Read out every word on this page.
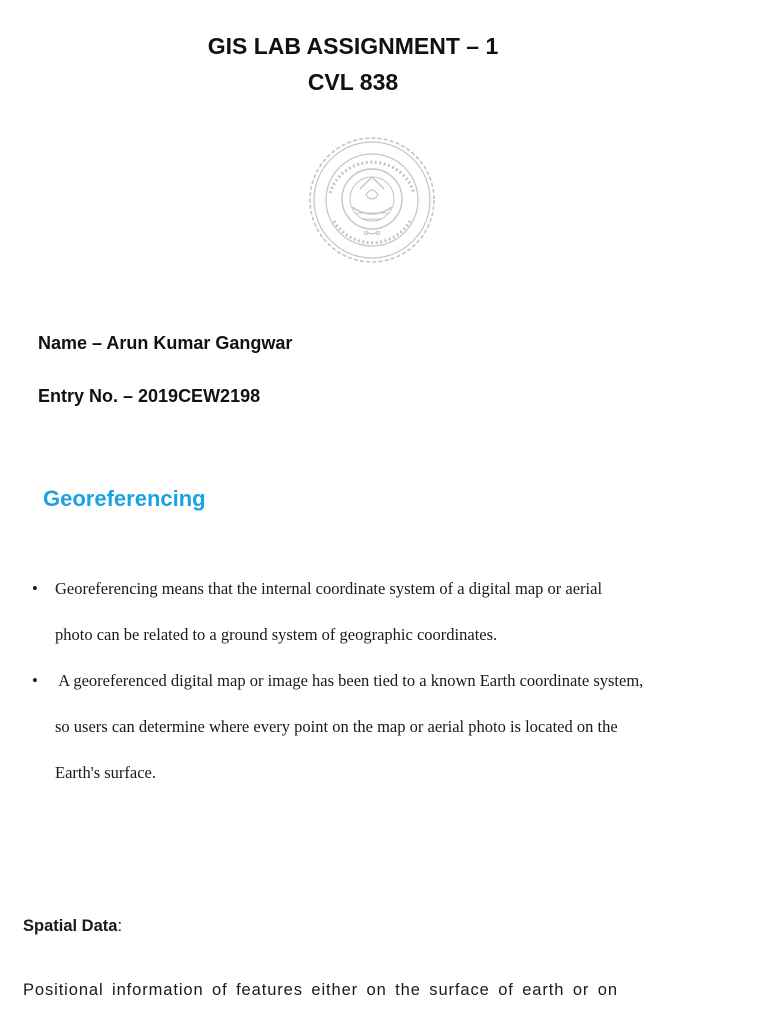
GIS LAB ASSIGNMENT – 1
CVL 838
Name – Arun Kumar Gangwar
Entry No. – 2019CEW2198
Georeferencing
• Georeferencing means that the internal coordinate system of a digital map or aerial
photo can be related to a ground system of geographic coordinates.
• A georeferenced digital map or image has been tied to a known Earth coordinate system,
so users can determine where every point on the map or aerial photo is located on the
Earth's surface.
Spatial Data:
Positional information of features either on the surface of earth or on
